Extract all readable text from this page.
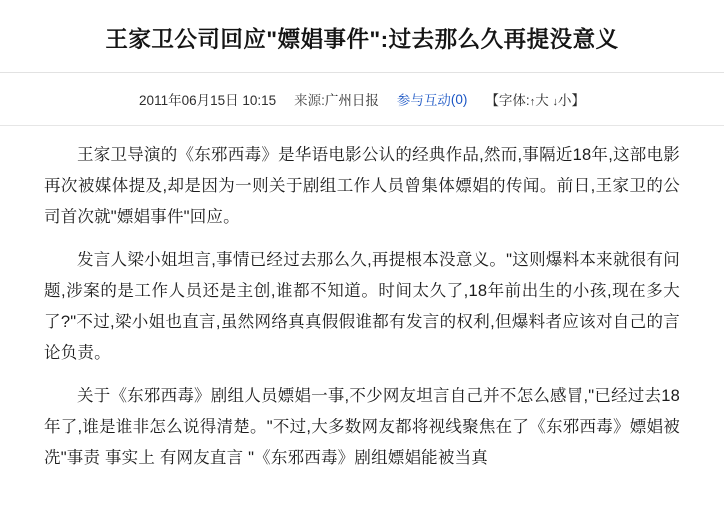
王家卫公司回应"嫖娼事件":过去那么久再提没意义
2011年06月15日 10:15 来源: 广州日报 参与互动 (0) 【字体:↑大 ↓小】

王家卫导演的《东邪西毒》是华语电影公认的经典作品,然而,事隔近18年,这部电影再次被媒体提及,却是因为一则关于剧组工作人员曾集体嫖娼的传闻。前日,王家卫的公司首次就"嫖娼事件"回应。

发言人梁小姐坦言,事情已经过去那么久,再提根本没意义。"这则爆料本来就很有问题,涉案的是工作人员还是主创,谁都不知道。时间太久了,18年前出生的小孩,现在多大了?"不过,梁小姐也直言,虽然网络真真假假谁都有发言的权利,但爆料者应该对自己的言论负责。

关于《东邪西毒》剧组人员嫖娼一事,不少网友坦言自己并不怎么感冒,"已经过去18年了,谁是谁非怎么说得清楚。"不过,大多数网友都将视线聚焦在了《东邪西毒》嫖娼被冼"事责 事实上 有网友直言 "《东邪西毒》剧组嫖娼能被当真
